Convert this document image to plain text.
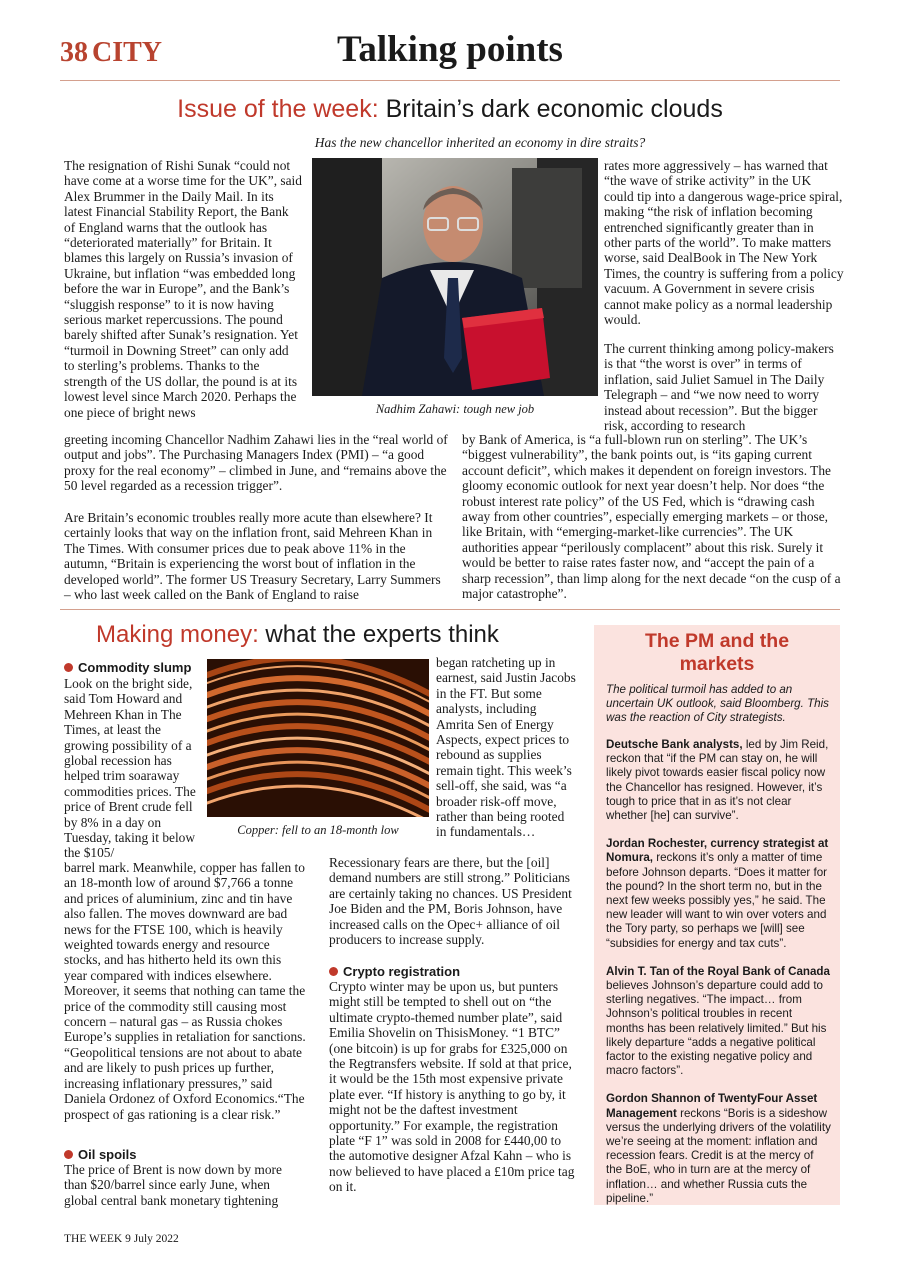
38 CITY	Talking points
Issue of the week: Britain’s dark economic clouds
Has the new chancellor inherited an economy in dire straits?
The resignation of Rishi Sunak “could not have come at a worse time for the UK”, said Alex Brummer in the Daily Mail. In its latest Financial Stability Report, the Bank of England warns that the outlook has “deteriorated materially” for Britain. It blames this largely on Russia’s invasion of Ukraine, but inflation “was embedded long before the war in Europe”, and the Bank’s “sluggish response” to it is now having serious market repercussions. The pound barely shifted after Sunak’s resignation. Yet “turmoil in Downing Street” can only add to sterling’s problems. Thanks to the strength of the US dollar, the pound is at its lowest level since March 2020. Perhaps the one piece of bright news
greeting incoming Chancellor Nadhim Zahawi lies in the “real world of output and jobs”. The Purchasing Managers Index (PMI) – “a good proxy for the real economy” – climbed in June, and “remains above the 50 level regarded as a recession trigger”.
Are Britain’s economic troubles really more acute than elsewhere? It certainly looks that way on the inflation front, said Mehreen Khan in The Times. With consumer prices due to peak above 11% in the autumn, “Britain is experiencing the worst bout of inflation in the developed world”. The former US Treasury Secretary, Larry Summers – who last week called on the Bank of England to raise
Nadhim Zahawi: tough new job
rates more aggressively – has warned that “the wave of strike activity” in the UK could tip into a dangerous wage-price spiral, making “the risk of inflation becoming entrenched significantly greater than in other parts of the world”. To make matters worse, said DealBook in The New York Times, the country is suffering from a policy vacuum. A Government in severe crisis cannot make policy as a normal leadership would.
The current thinking among policy-makers is that “the worst is over” in terms of inflation, said Juliet Samuel in The Daily Telegraph – and “we now need to worry instead about recession”. But the bigger risk, according to research
by Bank of America, is “a full-blown run on sterling”. The UK’s “biggest vulnerability”, the bank points out, is “its gaping current account deficit”, which makes it dependent on foreign investors. The gloomy economic outlook for next year doesn’t help. Nor does “the robust interest rate policy” of the US Fed, which is “drawing cash away from other countries”, especially emerging markets – or those, like Britain, with “emerging-market-like currencies”. The UK authorities appear “perilously complacent” about this risk. Surely it would be better to raise rates faster now, and “accept the pain of a sharp recession”, than limp along for the next decade “on the cusp of a major catastrophe”.
Making money: what the experts think
Commodity slump
Look on the bright side, said Tom Howard and Mehreen Khan in The Times, at least the growing possibility of a global recession has helped trim soaraway commodities prices. The price of Brent crude fell by 8% in a day on Tuesday, taking it below the $105/
barrel mark. Meanwhile, copper has fallen to an 18-month low of around $7,766 a tonne and prices of aluminium, zinc and tin have also fallen. The moves downward are bad news for the FTSE 100, which is heavily weighted towards energy and resource stocks, and has hitherto held its own this year compared with indices elsewhere. Moreover, it seems that nothing can tame the price of the commodity still causing most concern – natural gas – as Russia chokes Europe’s supplies in retaliation for sanctions. “Geopolitical tensions are not about to abate and are likely to push prices up further, increasing inflationary pressures,” said Daniela Ordonez of Oxford Economics.“The prospect of gas rationing is a clear risk.”
Copper: fell to an 18-month low
Oil spoils
The price of Brent is now down by more than $20/barrel since early June, when global central bank monetary tightening
began ratcheting up in earnest, said Justin Jacobs in the FT. But some analysts, including Amrita Sen of Energy Aspects, expect prices to rebound as supplies remain tight. This week’s sell-off, she said, was “a broader risk-off move, rather than being rooted in fundamentals…
Recessionary fears are there, but the [oil] demand numbers are still strong.” Politicians are certainly taking no chances. US President Joe Biden and the PM, Boris Johnson, have increased calls on the Opec+ alliance of oil producers to increase supply.
Crypto registration
Crypto winter may be upon us, but punters might still be tempted to shell out on “the ultimate crypto-themed number plate”, said Emilia Shovelin on ThisisMoney. “1 BTC” (one bitcoin) is up for grabs for £325,000 on the Regtransfers website. If sold at that price, it would be the 15th most expensive private plate ever. “If history is anything to go by, it might not be the daftest investment opportunity.” For example, the registration plate “F 1” was sold in 2008 for £440,00 to the automotive designer Afzal Kahn – who is now believed to have placed a £10m price tag on it.
The PM and the markets
The political turmoil has added to an uncertain UK outlook, said Bloomberg. This was the reaction of City strategists.

Deutsche Bank analysts, led by Jim Reid, reckon that “if the PM can stay on, he will likely pivot towards easier fiscal policy now the Chancellor has resigned. However, it’s tough to price that in as it’s not clear whether [he] can survive”.

Jordan Rochester, currency strategist at Nomura, reckons it’s only a matter of time before Johnson departs. “Does it matter for the pound? In the short term no, but in the next few weeks possibly yes,” he said. The new leader will want to win over voters and the Tory party, so perhaps we [will] see “subsidies for energy and tax cuts”.

Alvin T. Tan of the Royal Bank of Canada believes Johnson’s departure could add to sterling negatives. “The impact… from Johnson’s political troubles in recent months has been relatively limited.” But his likely departure “adds a negative political factor to the existing negative policy and macro factors”.

Gordon Shannon of TwentyFour Asset Management reckons “Boris is a sideshow versus the underlying drivers of the volatility we’re seeing at the moment: inflation and recession fears. Credit is at the mercy of the BoE, who in turn are at the mercy of inflation… and whether Russia cuts the pipeline.”

THE WEEK 9 July 2022
